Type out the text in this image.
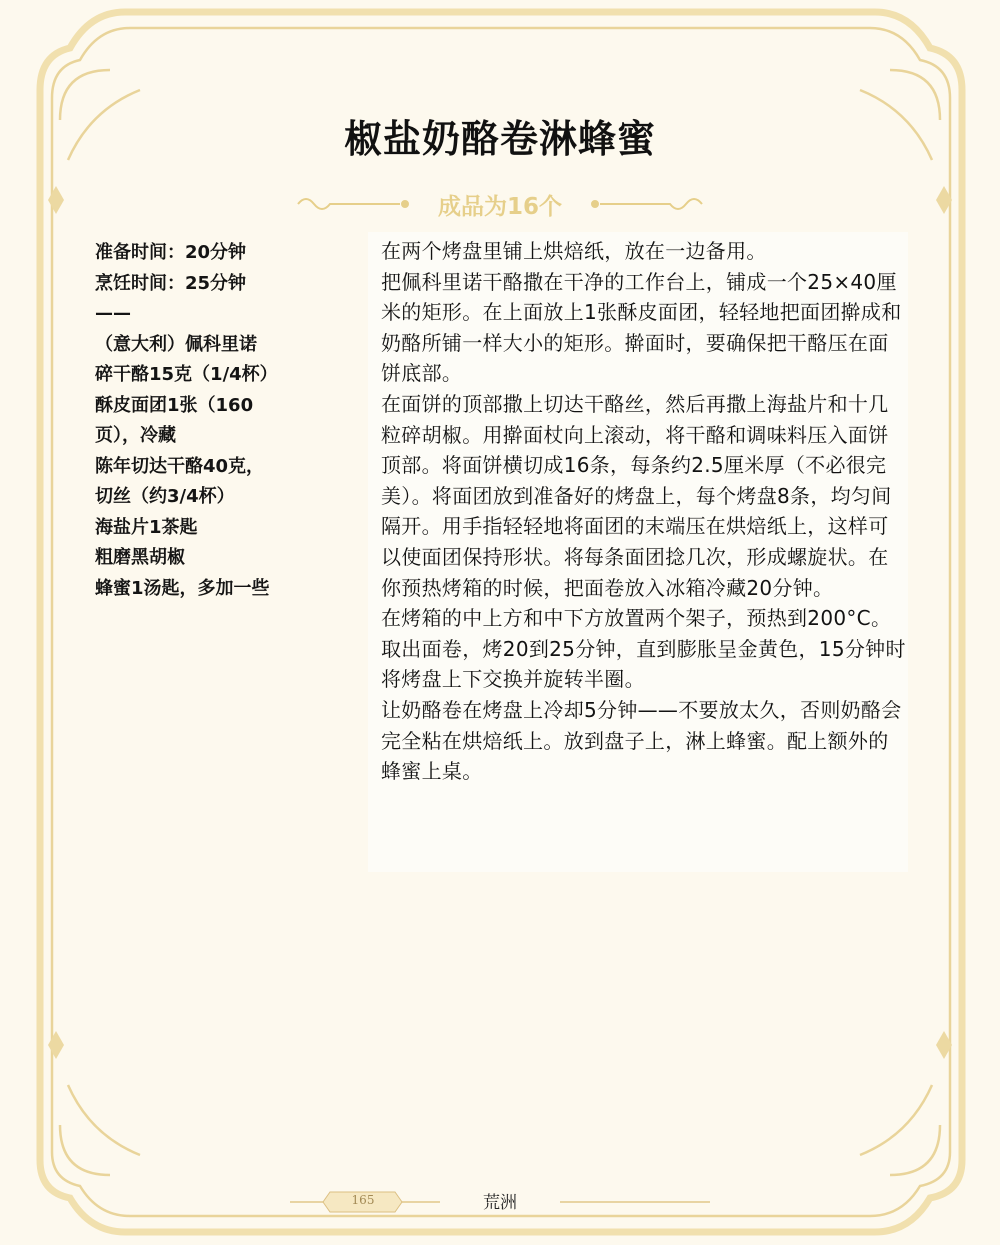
椒盐奶酪卷淋蜂蜜
成品为16个
准备时间：20分钟
烹饪时间：25分钟
——
（意大利）佩科里诺
碎干酪15克（1/4杯）
酥皮面团1张（160
页），冷藏
陈年切达干酪40克，
切丝（约3/4杯）
海盐片1茶匙
粗磨黑胡椒
蜂蜜1汤匙，多加一些

在两个烤盘里铺上烘焙纸，放在一边备用。

把佩科里诺干酪撒在干净的工作台上，铺成一个25×40厘米的矩形。在上面放上1张酥皮面团，轻轻地把面团擀成和奶酪所铺一样大小的矩形。擀面时，要确保把干酪压在面饼底部。

在面饼的顶部撒上切达干酪丝，然后再撒上海盐片和十几粒碎胡椒。用擀面杖向上滚动，将干酪和调味料压入面饼顶部。将面饼横切成16条，每条约2.5厘米厚（不必很完美）。将面团放到准备好的烤盘上，每个烤盘8条，均匀间隔开。用手指轻轻地将面团的末端压在烘焙纸上，这样可以使面团保持形状。将每条面团捻几次，形成螺旋状。在你预热烤箱的时候，把面卷放入冰箱冷藏20分钟。

在烤箱的中上方和中下方放置两个架子，预热到200°C。

取出面卷，烤20到25分钟，直到膨胀呈金黄色，15分钟时将烤盘上下交换并旋转半圈。

让奶酪卷在烤盘上冷却5分钟——不要放太久，否则奶酪会完全粘在烘焙纸上。放到盘子上，淋上蜂蜜。配上额外的蜂蜜上桌。

165	荒洲
